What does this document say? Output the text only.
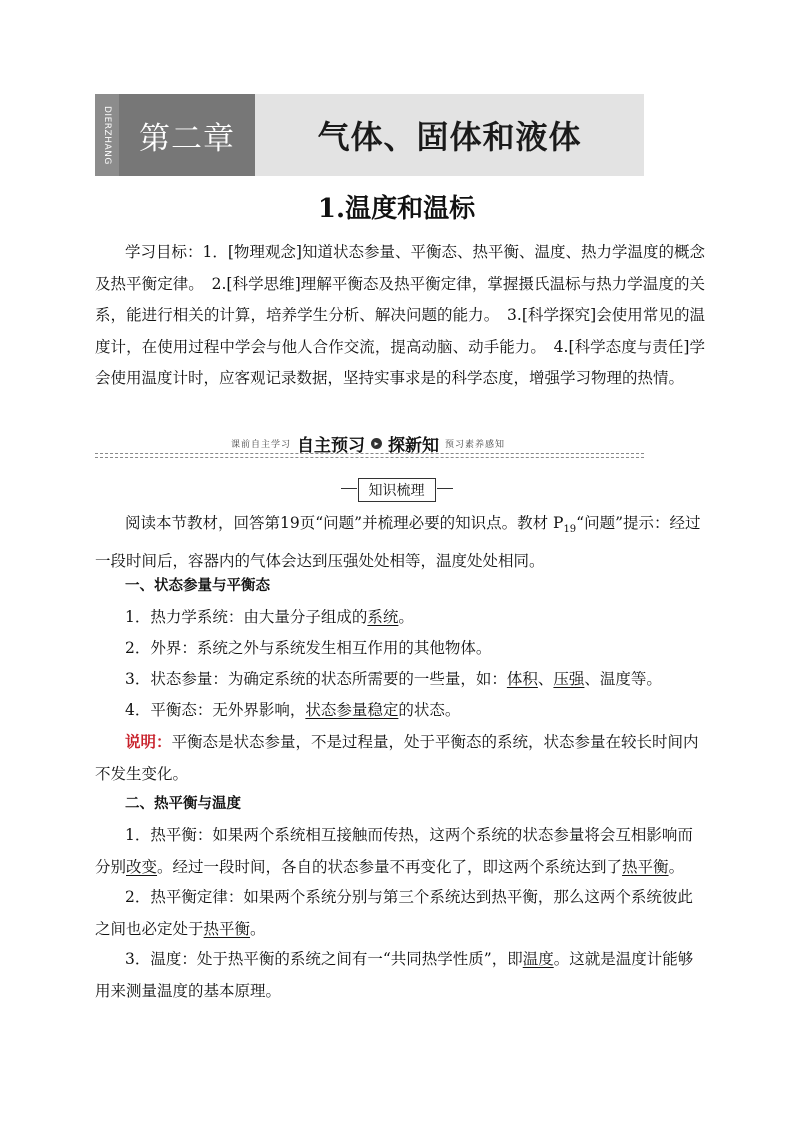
DIERZHANG 第二章	气体、固体和液体
1.温度和温标

学习目标：1．[物理观念]知道状态参量、平衡态、热平衡、温度、热力学温度的概念及热平衡定律。　2.[科学思维]理解平衡态及热平衡定律，掌握摄氏温标与热力学温度的关系，能进行相关的计算，培养学生分析、解决问题的能力。　3.[科学探究]会使用常见的温度计，在使用过程中学会与他人合作交流，提高动脑、动手能力。　4.[科学态度与责任]学会使用温度计时，应客观记录数据，坚持实事求是的科学态度，增强学习物理的热情。

课前自主学习 自主预习	▸ 探新知 预习素养感知
知识梳理

阅读本节教材，回答第19页“问题”并梳理必要的知识点。教材 $P_{19}“$问题”提示：经过一段时间后，容器内的气体会达到压强处处相等，温度处处相同。

一、状态参量与平衡态

1．热力学系统：由大量分子组成的系统。

2．外界：系统之外与系统发生相互作用的其他物体。

3．状态参量：为确定系统的状态所需要的一些量，如：体积、压强、温度等。

4．平衡态：无外界影响，状态参量稳定的状态。

说明：平衡态是状态参量，不是过程量，处于平衡态的系统，状态参量在较长时间内不发生变化。

二、热平衡与温度

1．热平衡：如果两个系统相互接触而传热，这两个系统的状态参量将会互相影响而分别改变。经过一段时间，各自的状态参量不再变化了，即这两个系统达到了热平衡。

2．热平衡定律：如果两个系统分别与第三个系统达到热平衡，那么这两个系统彼此之间也必定处于热平衡。

3．温度：处于热平衡的系统之间有一“共同热学性质”，即温度。这就是温度计能够用来测量温度的基本原理。
